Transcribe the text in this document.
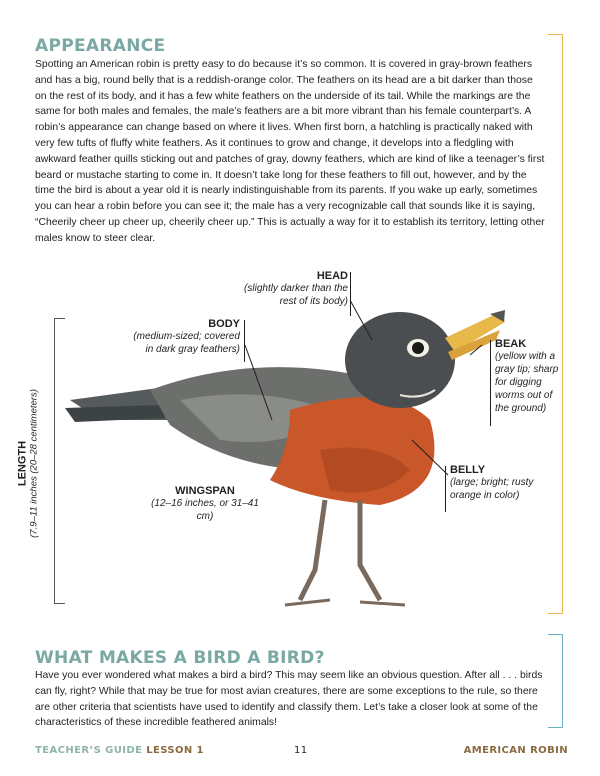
APPEARANCE

Spotting an American robin is pretty easy to do because it’s so common. It is covered in gray-brown feathers and has a big, round belly that is a reddish-orange color. The feathers on its head are a bit darker than those on the rest of its body, and it has a few white feathers on the underside of its tail. While the markings are the same for both males and females, the male’s feathers are a bit more vibrant than his female counterpart’s. A robin’s appearance can change based on where it lives. When first born, a hatchling is practically naked with very few tufts of fluffy white feathers. As it continues to grow and change, it develops into a fledgling with awkward feather quills sticking out and patches of gray, downy feathers, which are kind of like a teenager’s first beard or mustache starting to come in. It doesn’t take long for these feathers to fill out, however, and by the time the bird is about a year old it is nearly indistinguishable from its parents. If you wake up early, sometimes you can hear a robin before you can see it; the male has a very recognizable call that sounds like it is saying, “Cheerily cheer up cheer up, cheerily cheer up.” This is actually a way for it to establish its territory, letting other males know to steer clear.

HEAD
(slightly darker than the rest of its body)
BODY
(medium-sized; covered in dark gray feathers)	BEAK
(yellow with a gray tip; sharp for digging worms out of the ground)
BELLY
(large; bright; rusty orange in color)
WINGSPAN
(12–16 inches, or 31–41 cm)
LENGTH (7.9–11 inches (20–28 centimeters)
WHAT MAKES A BIRD A BIRD?

Have you ever wondered what makes a bird a bird? This may seem like an obvious question. After all . . . birds can fly, right? While that may be true for most avian creatures, there are some exceptions to the rule, so there are other criteria that scientists have used to identify and classify them. Let’s take a closer look at some of the characteristics of these incredible feathered animals!

TEACHER’S GUIDE LESSON 1	11	AMERICAN ROBIN
